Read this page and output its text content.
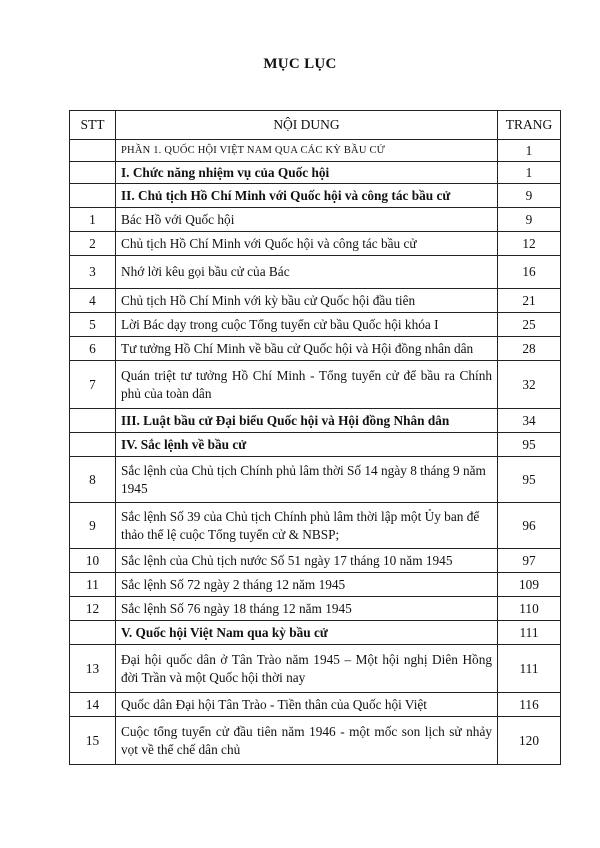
MỤC LỤC
STT	NỘI DUNG	TRANG
	PHẦN 1. QUỐC HỘI VIỆT NAM QUA CÁC KỲ BẦU CỬ	1
	I. Chức năng nhiệm vụ của Quốc hội	1
	II. Chủ tịch Hồ Chí Minh với Quốc hội và công tác bầu cử	9
1	Bác Hồ với Quốc hội	9
2	Chủ tịch Hồ Chí Minh với Quốc hội và công tác bầu cử	12
3	Nhớ lời kêu gọi bầu cử của Bác	16
4	Chủ tịch Hồ Chí Minh với kỳ bầu cử Quốc hội đầu tiên	21
5	Lời Bác dạy trong cuộc Tổng tuyển cử bầu Quốc hội khóa I	25
6	Tư tưởng Hồ Chí Minh về bầu cử Quốc hội và Hội đồng nhân dân	28
7	Quán triệt tư tưởng Hồ Chí Minh - Tổng tuyển cử để bầu ra Chính phủ của toàn dân	32
	III. Luật bầu cử Đại biểu Quốc hội và Hội đồng Nhân dân	34
	IV. Sắc lệnh về bầu cử	95
8	Sắc lệnh của Chủ tịch Chính phủ lâm thời Số 14 ngày 8 tháng 9 năm 1945	95
9	Sắc lệnh Số 39 của Chủ tịch Chính phủ lâm thời lập một Ủy ban để thảo thể lệ cuộc Tổng tuyển cử & NBSP;	96
10	Sắc lệnh của Chủ tịch nước Số 51 ngày 17 tháng 10 năm 1945	97
11	Sắc lệnh Số 72 ngày 2 tháng 12 năm 1945	109
12	Sắc lệnh Số 76 ngày 18 tháng 12 năm 1945	110
	V. Quốc hội Việt Nam qua kỳ bầu cử	111
13	Đại hội quốc dân ở Tân Trào năm 1945 – Một hội nghị Diên Hồng đời Trần và một Quốc hội thời nay	111
14	Quốc dân Đại hội Tân Trào - Tiền thân của Quốc hội Việt	116
15	Cuộc tổng tuyển cử đầu tiên năm 1946 - một mốc son lịch sử nhảy vọt về thể chế dân chủ	120
